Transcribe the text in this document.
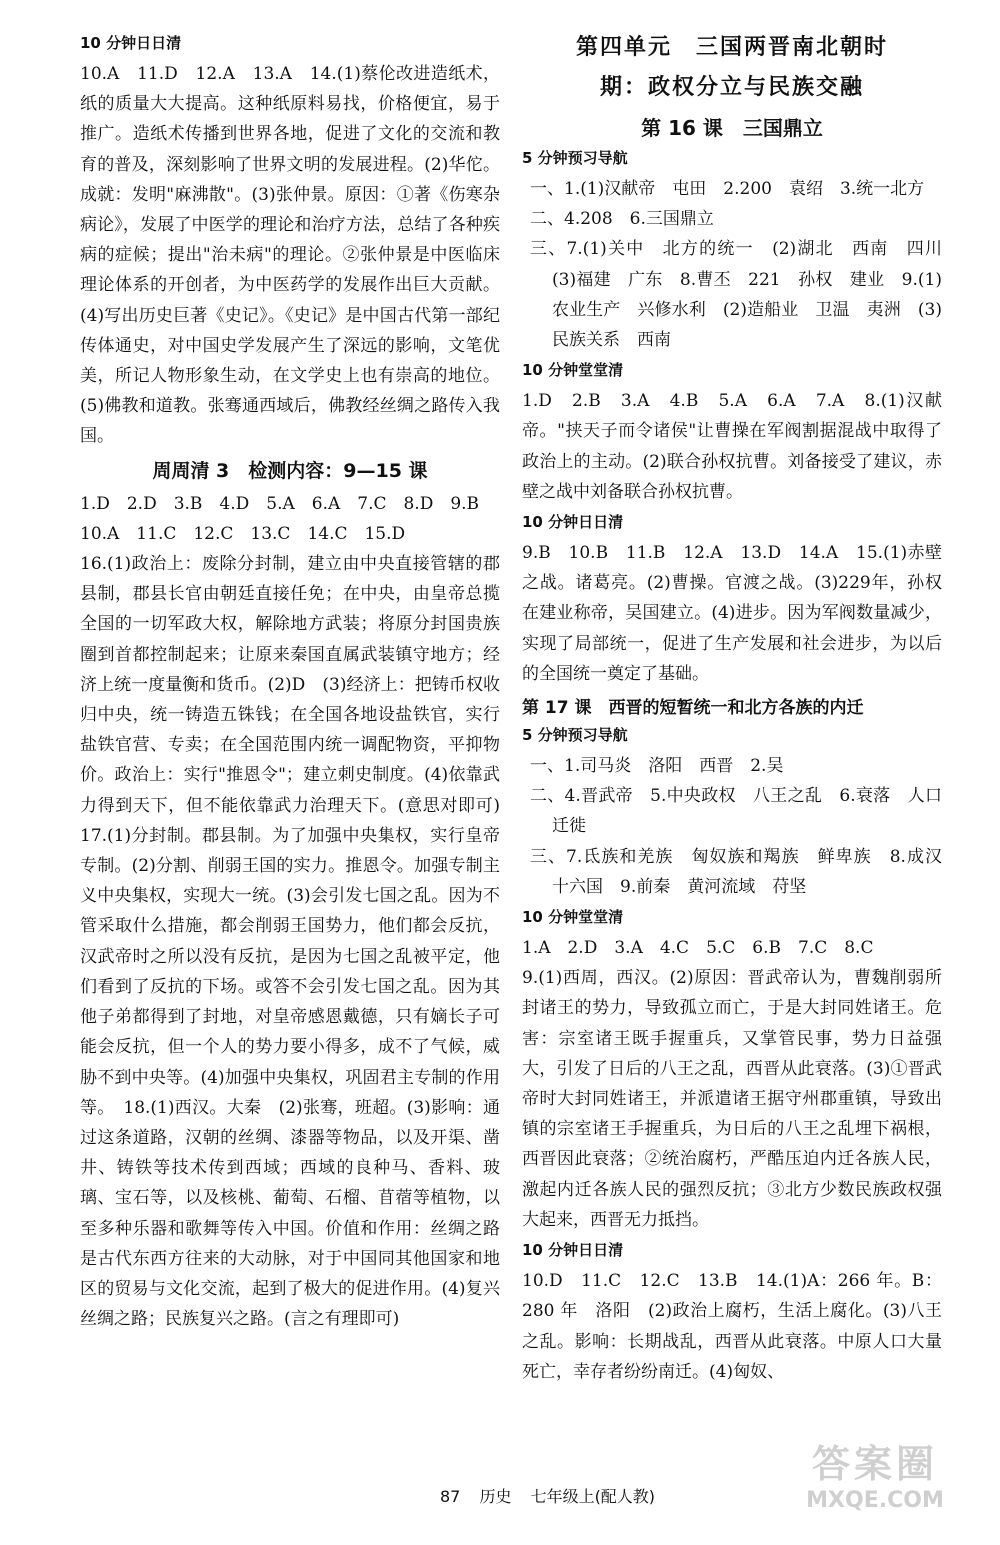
10 分钟日日清

10.A　11.D　12.A　13.A　14.(1)蔡伦改进造纸术，纸的质量大大提高。这种纸原料易找，价格便宜，易于推广。造纸术传播到世界各地，促进了文化的交流和教育的普及，深刻影响了世界文明的发展进程。(2)华佗。成就：发明"麻沸散"。(3)张仲景。原因：①著《伤寒杂病论》，发展了中医学的理论和治疗方法，总结了各种疾病的症候；提出"治未病"的理论。②张仲景是中医临床理论体系的开创者，为中医药学的发展作出巨大贡献。(4)写出历史巨著《史记》。《史记》是中国古代第一部纪传体通史，对中国史学发展产生了深远的影响，文笔优美，所记人物形象生动，在文学史上也有崇高的地位。(5)佛教和道教。张骞通西域后，佛教经丝绸之路传入我国。

周周清 3　检测内容：9—15 课

1.D　2.D　3.B　4.D　5.A　6.A　7.C　8.D　9.B

10.A　11.C　12.C　13.C　14.C　15.D

16.(1)政治上：废除分封制，建立由中央直接管辖的郡县制，郡县长官由朝廷直接任免；在中央，由皇帝总揽全国的一切军政大权，解除地方武装；将原分封国贵族圈到首都控制起来；让原来秦国直属武装镇守地方；经济上统一度量衡和货币。(2)D　(3)经济上：把铸币权收归中央，统一铸造五铢钱；在全国各地设盐铁官，实行盐铁官营、专卖；在全国范围内统一调配物资，平抑物价。政治上：实行"推恩令"；建立刺史制度。(4)依靠武力得到天下，但不能依靠武力治理天下。(意思对即可)　17.(1)分封制。郡县制。为了加强中央集权，实行皇帝专制。(2)分割、削弱王国的实力。推恩令。加强专制主义中央集权，实现大一统。(3)会引发七国之乱。因为不管采取什么措施，都会削弱王国势力，他们都会反抗，汉武帝时之所以没有反抗，是因为七国之乱被平定，他们看到了反抗的下场。或答不会引发七国之乱。因为其他子弟都得到了封地，对皇帝感恩戴德，只有嫡长子可能会反抗，但一个人的势力要小得多，成不了气候，威胁不到中央等。(4)加强中央集权，巩固君主专制的作用等。　18.(1)西汉。大秦　(2)张骞，班超。(3)影响：通过这条道路，汉朝的丝绸、漆器等物品，以及开渠、凿井、铸铁等技术传到西域；西域的良种马、香料、玻璃、宝石等，以及核桃、葡萄、石榴、苜蓿等植物，以至多种乐器和歌舞等传入中国。价值和作用：丝绸之路是古代东西方往来的大动脉，对于中国同其他国家和地区的贸易与文化交流，起到了极大的促进作用。(4)复兴丝绸之路；民族复兴之路。(言之有理即可)

第四单元　三国两晋南北朝时

期：政权分立与民族交融

第 16 课　三国鼎立
5 分钟预习导航

一、1.(1)汉献帝　屯田　2.200　袁绍　3.统一北方

二、4.208　6.三国鼎立

三、7.(1)关中　北方的统一　(2)湖北　西南　四川　(3)福建　广东　8.曹丕　221　孙权　建业　9.(1)农业生产　兴修水利　(2)造船业　卫温　夷洲　(3)民族关系　西南

10 分钟堂堂清

1.D　2.B　3.A　4.B　5.A　6.A　7.A　8.(1)汉献帝。"挟天子而令诸侯"让曹操在军阀割据混战中取得了政治上的主动。(2)联合孙权抗曹。刘备接受了建议，赤壁之战中刘备联合孙权抗曹。

10 分钟日日清

9.B　10.B　11.B　12.A　13.D　14.A　15.(1)赤壁之战。诸葛亮。(2)曹操。官渡之战。(3)229年，孙权在建业称帝，吴国建立。(4)进步。因为军阀数量减少，实现了局部统一，促进了生产发展和社会进步，为以后的全国统一奠定了基础。

第 17 课　西晋的短暂统一和北方各族的内迁
5 分钟预习导航

一、1.司马炎　洛阳　西晋　2.吴

二、4.晋武帝　5.中央政权　八王之乱　6.衰落　人口迁徙

三、7.氐族和羌族　匈奴族和羯族　鲜卑族　8.成汉　十六国　9.前秦　黄河流域　苻坚

10 分钟堂堂清

1.A　2.D　3.A　4.C　5.C　6.B　7.C　8.C

9.(1)西周，西汉。(2)原因：晋武帝认为，曹魏削弱所封诸王的势力，导致孤立而亡，于是大封同姓诸王。危害：宗室诸王既手握重兵，又掌管民事，势力日益强大，引发了日后的八王之乱，西晋从此衰落。(3)①晋武帝时大封同姓诸王，并派遣诸王据守州郡重镇，导致出镇的宗室诸王手握重兵，为日后的八王之乱埋下祸根，西晋因此衰落；②统治腐朽，严酷压迫内迁各族人民，激起内迁各族人民的强烈反抗；③北方少数民族政权强大起来，西晋无力抵挡。

10 分钟日日清

10.D　11.C　12.C　13.B　14.(1)A：266 年。B：280 年　洛阳　(2)政治上腐朽，生活上腐化。(3)八王之乱。影响：长期战乱，西晋从此衰落。中原人口大量死亡，幸存者纷纷南迁。(4)匈奴、

87 历史 七年级上(配人教)
答案圈
MXQE.COM
